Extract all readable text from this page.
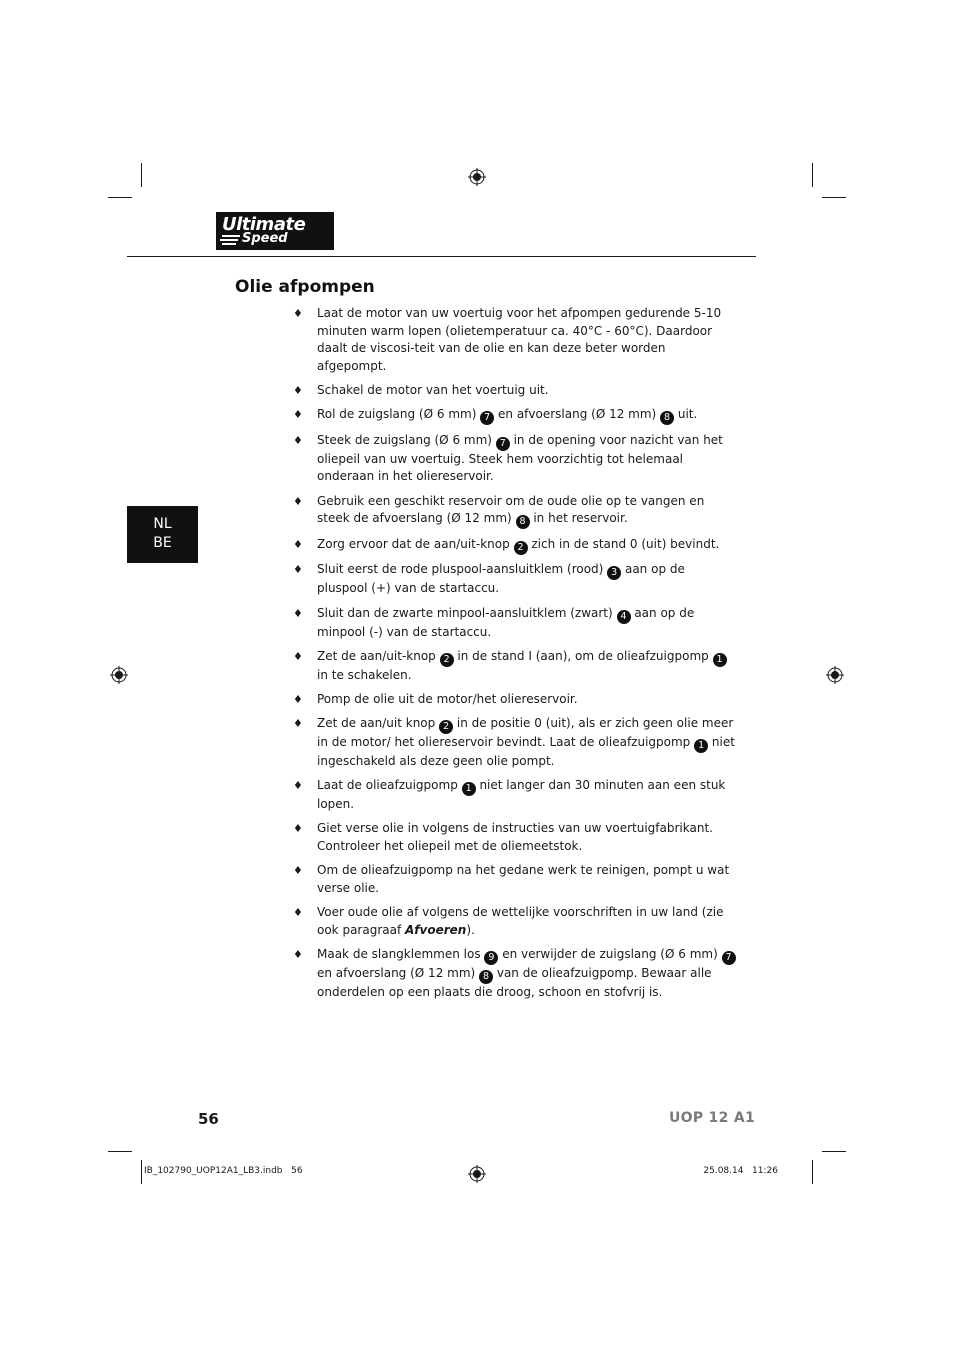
Ultimate
Speed
Olie afpompen
NL
BE
♦ Laat de motor van uw voertuig voor het afpompen gedurende 5-10 minuten warm lopen (olietemperatuur ca. 40°C - 60°C). Daardoor daalt de viscosi-teit van de olie en kan deze beter worden afgepompt.
♦ Schakel de motor van het voertuig uit.
♦ Rol de zuigslang (Ø 6 mm) 7 en afvoerslang (Ø 12 mm) 8 uit.
♦ Steek de zuigslang (Ø 6 mm) 7 in de opening voor nazicht van het oliepeil van uw voertuig. Steek hem voorzichtig tot helemaal onderaan in het oliereservoir.
♦ Gebruik een geschikt reservoir om de oude olie op te vangen en steek de afvoerslang (Ø 12 mm) 8 in het reservoir.
♦ Zorg ervoor dat de aan/uit-knop 2 zich in de stand 0 (uit) bevindt.
♦ Sluit eerst de rode pluspool-aansluitklem (rood) 3 aan op de pluspool (+) van de startaccu.
♦ Sluit dan de zwarte minpool-aansluitklem (zwart) 4 aan op de minpool (-) van de startaccu.
♦ Zet de aan/uit-knop 2 in de stand I (aan), om de olieafzuigpomp 1 in te schakelen.
♦ Pomp de olie uit de motor/het oliereservoir.
♦ Zet de aan/uit knop 2 in de positie 0 (uit), als er zich geen olie meer in de motor/ het oliereservoir bevindt. Laat de olieafzuigpomp 1 niet ingeschakeld als deze geen olie pompt.
♦ Laat de olieafzuigpomp 1 niet langer dan 30 minuten aan een stuk lopen.
♦ Giet verse olie in volgens de instructies van uw voertuigfabrikant. Controleer het oliepeil met de oliemeetstok.
♦ Om de olieafzuigpomp na het gedane werk te reinigen, pompt u wat verse olie.
♦ Voer oude olie af volgens de wettelijke voorschriften in uw land (zie ook paragraaf Afvoeren).
♦ Maak de slangklemmen los 9 en verwijder de zuigslang (Ø 6 mm) 7 en afvoerslang (Ø 12 mm) 8 van de olieafzuigpomp. Bewaar alle onderdelen op een plaats die droog, schoon en stofvrij is.
56	UOP 12 A1
IB_102790_UOP12A1_LB3.indb   56	25.08.14   11:26
